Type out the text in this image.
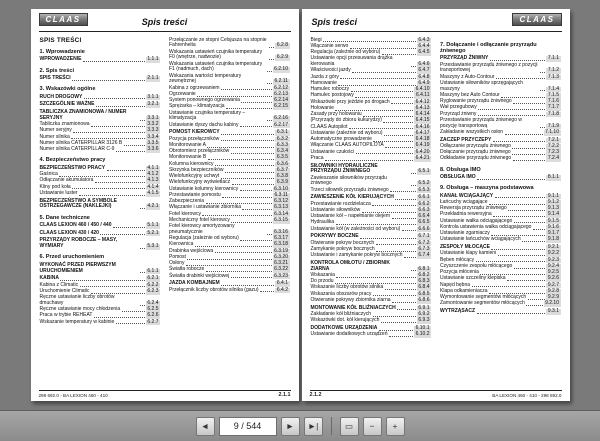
CLAAS	Spis treści
SPIS TREŚCI
1. Wprowadzenie
WPROWADZENIE	1.1.1
2. Spis treści
SPIS TREŚCI	2.1.1
3. Wskazówki ogólne
RUCH DROGOWY	3.1.1
SZCZEGÓLNIE WAŻNE	3.2.1
TABLICZKA ZNAMIONOWA / NUMER SERYJNY	3.3.1
Tabliczka znamionowa	3.3.2
Numer seryjny	3.3.3
Numer silnika	3.3.4
Numer silnika CATERPILLAR 3126 B	3.3.5
Numer silnika CATERPILLAR C-9	3.3.6
4. Bezpieczeństwo pracy
BEZPIECZEŃSTWO PRACY	4.1.1
Gaśnica	4.1.2
Odłączanie akumulatora	4.1.3
Kliny pod koła	4.1.4
Ustawianie luster	4.1.5
BEZPIECZEŃSTWO A SYMBOLE OSTRZEGAWCZE (NAKLEJKI)	4.2.1
5. Dane techniczne
CLAAS LEXION 460 / 450 / 440	5.1.1
CLAAS LEXION 430 / 420	5.2.1
PRZYRZĄDY ROBOCZE – MASY, WYMIARY	5.3.1
6. Przed uruchomieniem
WYKONAĆ PRZED PIERWSZYM URUCHOMIENIEM	6.1.1
KABINA	6.2.1
Kabina z Climatic	6.2.2
Uruchomienie Climatic	6.2.3
Ręczne ustawianie liczby obrotów dmuchawy	6.2.4
Ręczne ustawianie mocy chłodzenia	6.2.5
Praca w trybie REHEAT	6.2.6
Wskazanie temperatury w kabinie	6.2.7
Przełączanie ze stopni Celsjusza na stopnie Fahrenheita	6.2.8
Wskazania ustawień czujnika temperatury F0 (wnętrze, nadwozie)	6.2.9
Wskazania ustawień czujnika temperatury F1 (nadmuch, dach)	6.2.10
Wskazania wartości temperatury zewnętrznej	6.2.11
Kabina z ogrzewaniem	6.2.12
Ogrzewanie	6.2.13
System ponownego ogrzewania	6.2.14
Sprężarka – klimatyzacja	6.2.15
Ustawianie czujnika temperatury – klimatyzacja	6.2.16
Ustawianie dyszy dachu kabiny	6.2.17
POMOST KIEROWCY	6.3.1
Pozycja przełączników	6.3.2
Monitorowanie A	6.3.3
Obrotomierz przełączników	6.3.4
Monitorowanie B	6.3.5
Kolumna kierownicy	6.3.6
Skrzynka bezpieczników	6.3.7
Wielofunkcyjny uchwyt	6.3.8
Wielofunkcyjny wyświetlacz	6.3.9
Ustawianie kolumny kierownicy	6.3.10
Przestawianie pomostu	6.3.11
Zabezpieczenia	6.3.12
Włączanie i ustawianie zbiornika	6.3.13
Fotel kierowcy	6.3.14
Mechaniczny fotel kierowcy	6.3.15
Fotel kierowcy amortyzowany pneumatycznie	6.3.16
Regulacja (zależnie od wyboru)	6.3.17
Kierownica	6.3.18
Drabinka wejściowa	6.3.19
Pomost	6.3.20
Osłony	6.3.21
Światła robocze	6.3.22
Światła drabinki wejściowej	6.3.23
JAZDA KOMBAJNEM	6.4.1
Przełącznik liczby obrotów silnika (gazu)	6.4.2
298 692.0 - BA LEXION 460 - 410	2.1.1
Spis treści	CLAAS
Biegi	6.4.3
Włączanie serwo	6.4.4
Regulacja (zależnie od wyboru)	6.4.5
Ustawianie opcji przesuwania drążka kierowania	6.4.6
Właściwości jazdy	6.4.7
Jazda z góry	6.4.8
Hamowanie	6.4.9
Hamulec roboczy	6.4.10
Hamulec postojowy	6.4.11
Wskazówki przy jeździe po drogach	6.4.12
Holowanie	6.4.13
Zasady przy holowaniu	6.4.14
(Przyrządy do zbioru kukurydzy)	6.4.15
CLAAS Autopilot	6.4.16
Ustawianie (zależnie od wyboru)	6.4.17
Automatyczne prowadzenie	6.4.18
Włączanie CLAAS AUTOPILOTA	6.4.19
Ustawianie czułości	6.4.20
Praca	6.4.21
SIŁOWNIKI HYDRAULICZNE PRZYRZĄDU ŻNIWNEGO	6.5.1
Zawieszanie siłowników przyrządu żniwnego	6.5.2
Trzeci siłownik przyrządu żniwnego	6.5.3
ZAWIESZENIE KÓŁ KIERUJĄCYCH	6.6.1
Przestawianie rozdzielacza	6.6.2
Ustawianie siłowników	6.6.3
Ustawianie kół – napełnianie olejem	6.6.4
Hydraulika	6.6.5
Ustawianie kół (w zależności od wyboru)	6.6.6
POKRYWY BOCZNE	6.7.1
Otwieranie pokryw bocznych	6.7.2
Zamykanie pokryw bocznych	6.7.3
Ustawianie i zamykanie pokryw bocznych	6.7.4
KONTROLA OMŁOTU / ZBIORNIK ZIARNA	6.8.1
Wskazania	6.8.2
Do przodu	6.8.3
Wskazanie liczby obrotów silnika	6.8.4
Wskazania obszarów pracy	6.8.5
Otwieranie pokrywy zbiornika ziarna	6.8.6
MONTOWANIE KÓŁ BLIŹNIACZYCH	6.9.1
Zakładanie kół bliźniaczych	6.9.2
Wskazówki dot. kół kierujących	6.9.3
DODATKOWE URZĄDZENIA	6.10.1
Ustawianie dodatkowych urządzeń	6.10.2
7. Dołączanie i odłączanie przyrządu żniwnego
PRZYRZĄD ŻNIWNY	7.1.1
Przestawianie przyrządu żniwnego z pozycji transportowej	7.1.2
Maszyny z Auto-Contour	7.1.3
Ustawianie siłowników sprzęgających maszyny	7.1.4
Maszyny bez Auto Contour	7.1.5
Ryglowanie przyrządu żniwnego	7.1.6
Wał przegubowy	7.1.7
Przyrząd żniwny	7.1.8
Przestawianie przyrządu żniwnego w pozycję transportową	7.1.9
Zakładanie wszystkich osłon	7.1.10
ZACZEP PRZYCZEPY	7.2.1
Odłączanie przyrządu żniwnego	7.2.2
Dołączanie przyrządu żniwnego	7.2.3
Odkładanie przyrządu żniwnego	7.2.4
8. Obsługa IMO
OBSŁUGA IMO	8.1.1
9. Obsługa – maszyna podstawowa
KANAŁ WCIĄGAJĄCY	9.1.1
Łańcuchy wciągające	9.1.2
Rewersja przyrządu żniwnego	9.1.3
Przekładnia rewersyjna	9.1.4
Ustawianie wałka odciągającego	9.1.5
Kontrola ustawienia wałka odciągającego	9.1.6
Ustawianie zgarniaczy	9.1.7
Ustawianie łańcuchów wciągających	9.1.8
ZESPOŁY MŁOCĄCE	9.2.1
Ustawianie klapy kamieni	9.2.2
Bęben młócący	9.2.3
Czyszczenie zespołu młócącego	9.2.4
Pozycja młócenia	9.2.5
Ustawianie szczeliny klepiska	9.2.6
Napęd bębna	9.2.7
Klapa odkamieniacza	9.2.8
Wymontowanie segmentów młócących	9.2.9
Zamontowanie segmentów młócących	9.2.10
WYTRZĄSACZ	9.3.1
2.1.2	BA LEXION 460 - 410 - 298 692.0
◄	9 / 544	►	►|	▭	−	+
